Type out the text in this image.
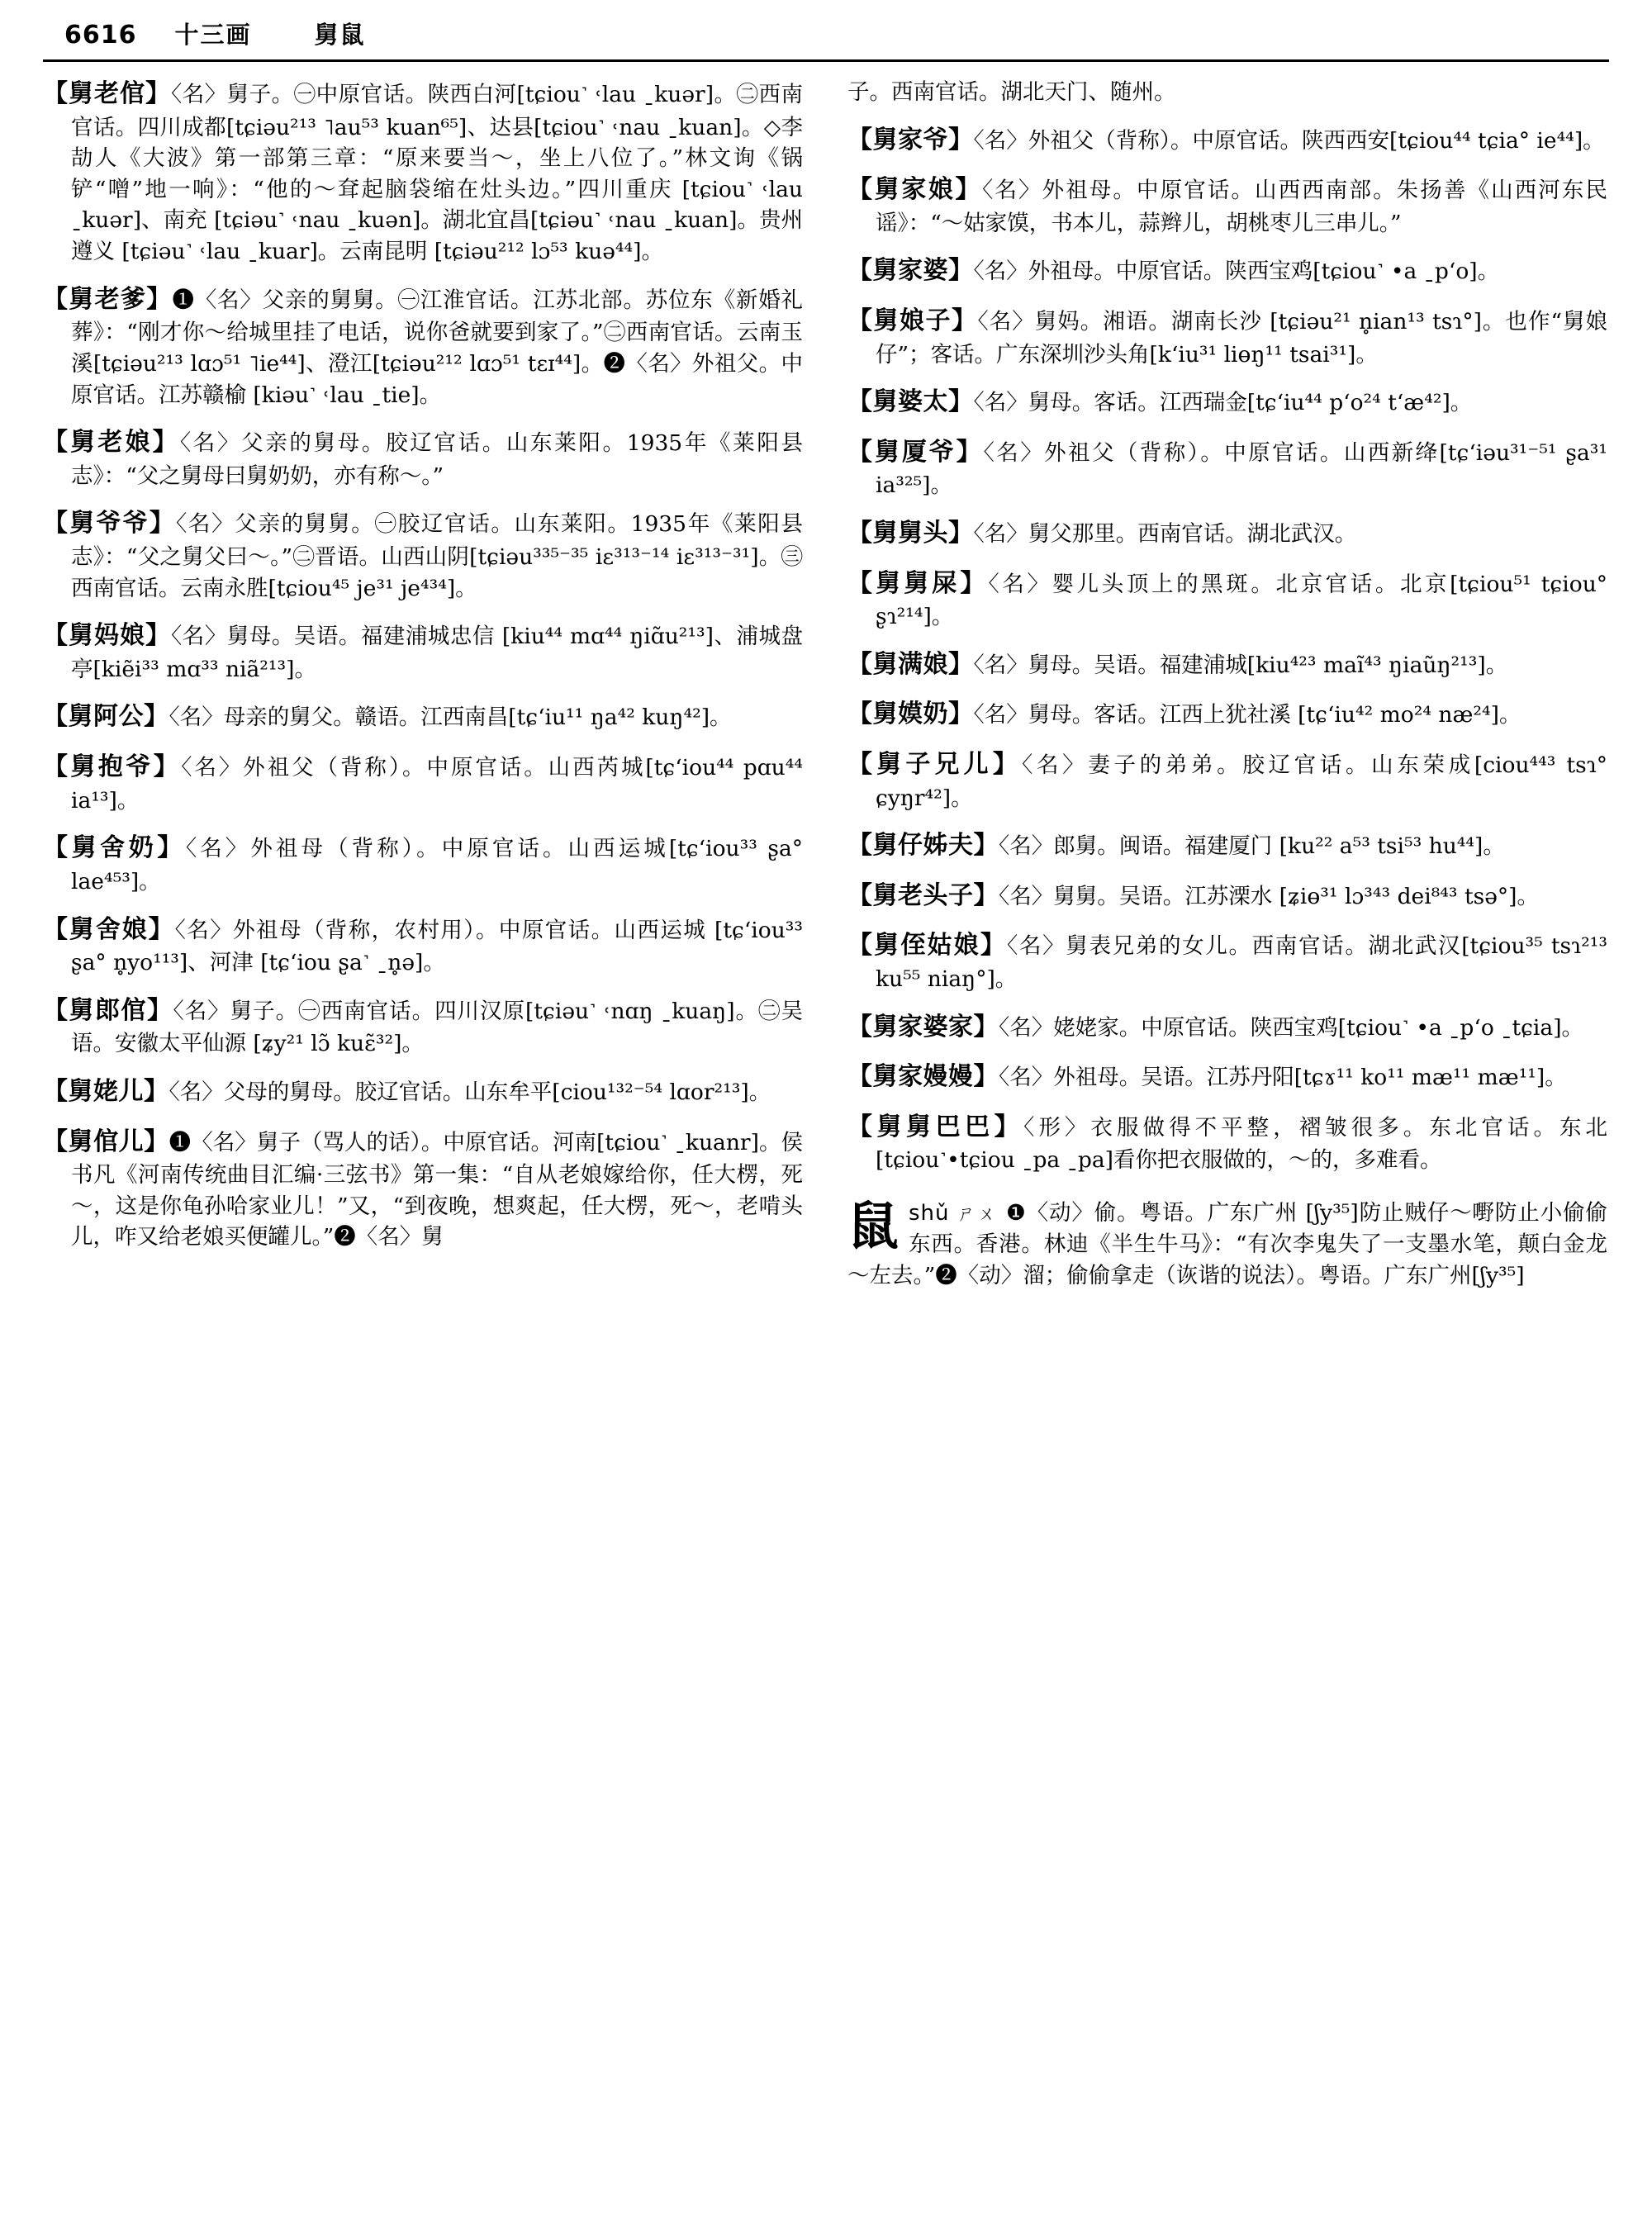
6616 十三画	舅鼠
【舅老倌】〈名〉舅子。㊀中原官话。陕西白河[tɕiou˺ ˓lau ˍkuər]。㊁西南官话。四川成都[tɕiəu²¹³ ˥au⁵³ kuan⁶⁵]、达县[tɕiou˺ ˓nau ˍkuan]。◇李劼人《大波》第一部第三章：“原来要当～，坐上八位了。”林文询《锅铲“噌”地一响》：“他的～耷起脑袋缩在灶头边。”四川重庆 [tɕiou˺ ˓lau ˍkuər]、南充 [tɕiəu˺ ˓nau ˍkuən]。湖北宜昌[tɕiəu˺ ˓nau ˍkuan]。贵州遵义 [tɕiəu˺ ˓lau ˍkuar]。云南昆明 [tɕiəu²¹² lɔ⁵³ kuə⁴⁴]。
【舅老爹】❶〈名〉父亲的舅舅。㊀江淮官话。江苏北部。苏位东《新婚礼葬》：“刚才你～给城里挂了电话，说你爸就要到家了。”㊁西南官话。云南玉溪[tɕiəu²¹³ lɑɔ⁵¹ ˥ie⁴⁴]、澄江[tɕiəu²¹² lɑɔ⁵¹ tɛɪ⁴⁴]。❷〈名〉外祖父。中原官话。江苏赣榆 [kiəu˺ ˓lau ˍtie]。
【舅老娘】〈名〉父亲的舅母。胶辽官话。山东莱阳。1935年《莱阳县志》：“父之舅母曰舅奶奶，亦有称～。”
【舅爷爷】〈名〉父亲的舅舅。㊀胶辽官话。山东莱阳。1935年《莱阳县志》：“父之舅父曰～。”㊁晋语。山西山阴[tɕiəu³³⁵⁻³⁵ iɛ³¹³⁻¹⁴ iɛ³¹³⁻³¹]。㊂西南官话。云南永胜[tɕiou⁴⁵ je³¹ je⁴³⁴]。
【舅妈娘】〈名〉舅母。吴语。福建浦城忠信 [kiu⁴⁴ mɑ⁴⁴ ŋiɑ̃u²¹³]、浦城盘亭[kiẽi³³ mɑ³³ niã²¹³]。
【舅阿公】〈名〉母亲的舅父。赣语。江西南昌[tɕʻiu¹¹ ŋa⁴² kuŋ⁴²]。
【舅抱爷】〈名〉外祖父（背称）。中原官话。山西芮城[tɕʻiou⁴⁴ pɑu⁴⁴ ia¹³]。
【舅舍奶】〈名〉外祖母（背称）。中原官话。山西运城[tɕʻiou³³ ʂa° lae⁴⁵³]。
【舅舍娘】〈名〉外祖母（背称，农村用）。中原官话。山西运城 [tɕʻiou³³ ʂa° n̥yo¹¹³]、河津 [tɕʻiou ʂa˺ ˍn̥ə]。
【舅郎倌】〈名〉舅子。㊀西南官话。四川汉原[tɕiəu˺ ˓nɑŋ ˍkuaŋ]。㊁吴语。安徽太平仙源 [ʑy²¹ lɔ̃ kuɛ̃³²]。
【舅姥儿】〈名〉父母的舅母。胶辽官话。山东牟平[ciou¹³²⁻⁵⁴ lɑor²¹³]。
【舅倌儿】❶〈名〉舅子（骂人的话）。中原官话。河南[tɕiou˺ ˍkuanr]。侯书凡《河南传统曲目汇编·三弦书》第一集：“自从老娘嫁给你，任大楞，死～，这是你龟孙哈家业儿！”又，“到夜晚，想爽起，任大楞，死～，老啃头儿，咋又给老娘买便罐儿。”❷〈名〉舅
子。西南官话。湖北天门、随州。
【舅家爷】〈名〉外祖父（背称）。中原官话。陕西西安[tɕiou⁴⁴ tɕia° ie⁴⁴]。
【舅家娘】〈名〉外祖母。中原官话。山西西南部。朱扬善《山西河东民谣》：“～姑家馍，书本儿，蒜辫儿，胡桃枣儿三串儿。”
【舅家婆】〈名〉外祖母。中原官话。陕西宝鸡[tɕiou˺ •a ˍpʻo]。
【舅娘子】〈名〉舅妈。湘语。湖南长沙 [tɕiəu²¹ n̥ian¹³ tsɿ°]。也作“舅娘仔”；客话。广东深圳沙头角[kʻiu³¹ liɵŋ¹¹ tsai³¹]。
【舅婆太】〈名〉舅母。客话。江西瑞金[tɕʻiu⁴⁴ pʻo²⁴ tʻæ⁴²]。
【舅厦爷】〈名〉外祖父（背称）。中原官话。山西新绛[tɕʻiəu³¹⁻⁵¹ ʂa³¹ ia³²⁵]。
【舅舅头】〈名〉舅父那里。西南官话。湖北武汉。
【舅舅屎】〈名〉婴儿头顶上的黑斑。北京官话。北京[tɕiou⁵¹ tɕiou° ʂɿ²¹⁴]。
【舅满娘】〈名〉舅母。吴语。福建浦城[kiu⁴²³ maĩ⁴³ ŋiaũŋ²¹³]。
【舅嫫奶】〈名〉舅母。客话。江西上犹社溪 [tɕʻiu⁴² mo²⁴ næ²⁴]。
【舅子兄儿】〈名〉妻子的弟弟。胶辽官话。山东荣成[ciou⁴⁴³ tsɿ° ɕyŋr⁴²]。
【舅仔姊夫】〈名〉郎舅。闽语。福建厦门 [ku²² a⁵³ tsi⁵³ hu⁴⁴]。
【舅老头子】〈名〉舅舅。吴语。江苏溧水 [ʑiɵ³¹ lɔ³⁴³ dei⁸⁴³ tsə°]。
【舅侄姑娘】〈名〉舅表兄弟的女儿。西南官话。湖北武汉[tɕiou³⁵ tsɿ²¹³ ku⁵⁵ niaŋ°]。
【舅家婆家】〈名〉姥姥家。中原官话。陕西宝鸡[tɕiou˺ •a ˍpʻo ˍtɕia]。
【舅家嫚嫚】〈名〉外祖母。吴语。江苏丹阳[tɕɤ¹¹ ko¹¹ mæ¹¹ mæ¹¹]。
【舅舅巴巴】〈形〉衣服做得不平整，褶皱很多。东北官话。东北[tɕiou˺•tɕiou ˍpa ˍpa]看你把衣服做的，～的，多难看。
鼠shǔ ㄕㄨ ❶〈动〉偷。粤语。广东广州 [ʃy³⁵]防止贼仔～嘢防止小偷偷东西。香港。林迪《半生牛马》：“有次李鬼失了一支墨水笔，颠白金龙～左去。”❷〈动〉溜；偷偷拿走（诙谐的说法）。粤语。广东广州[ʃy³⁵]
